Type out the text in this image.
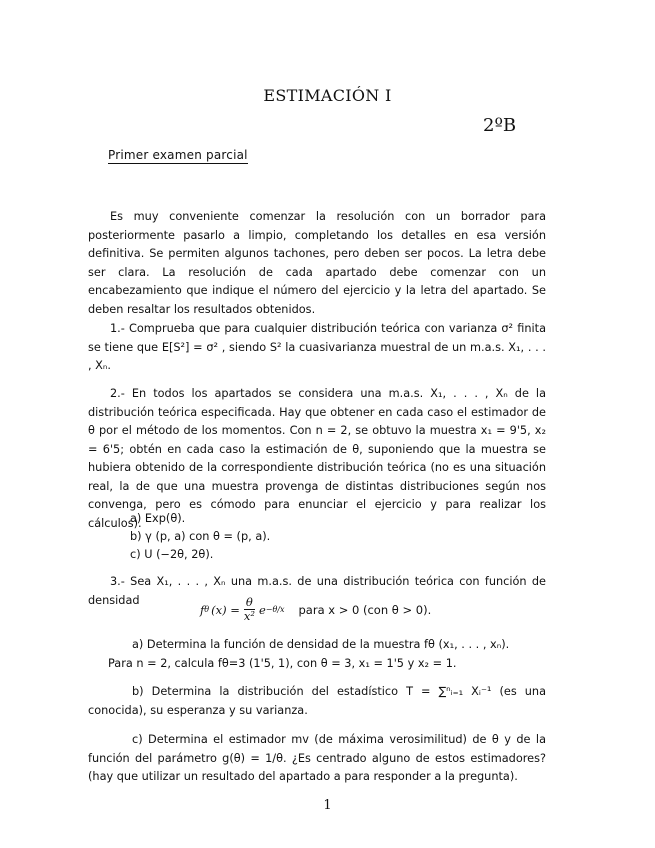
ESTIMACIÓN I
2ºB
Primer examen parcial

Es muy conveniente comenzar la resolución con un borrador para posteriormente pasarlo a limpio, completando los detalles en esa versión definitiva. Se permiten algunos tachones, pero deben ser pocos. La letra debe ser clara. La resolución de cada apartado debe comenzar con un encabezamiento que indique el número del ejercicio y la letra del apartado. Se deben resaltar los resultados obtenidos.

1.- Comprueba que para cualquier distribución teórica con varianza σ² finita se tiene que E[S²] = σ² , siendo S² la cuasivarianza muestral de un m.a.s. X₁, . . . , Xₙ.

2.- En todos los apartados se considera una m.a.s. X₁, . . . , Xₙ de la distribución teórica especificada. Hay que obtener en cada caso el estimador de θ por el método de los momentos. Con n = 2, se obtuvo la muestra x₁ = 9'5, x₂ = 6'5; obtén en cada caso la estimación de θ, suponiendo que la muestra se hubiera obtenido de la correspondiente distribución teórica (no es una situación real, la de que una muestra provenga de distintas distribuciones según nos convenga, pero es cómodo para enunciar el ejercicio y para realizar los cálculos).

a) Exp(θ).
b) γ (p, a) con θ = (p, a).
c) U (−2θ, 2θ).

3.- Sea X₁, . . . , Xₙ una m.a.s. de una distribución teórica con función de densidad

f θ $(x) = \frac{\theta}{\text{x²}}$ e −θ/x para x > 0 (con θ > 0).

a) Determina la función de densidad de la muestra fθ (x₁, . . . , xₙ).

Para n = 2, calcula fθ=3 (1'5, 1), con θ = 3, x₁ = 1'5 y x₂ = 1.

b) Determina la distribución del estadístico T = ∑ⁿᵢ₌₁ Xᵢ⁻¹ (es una conocida), su esperanza y su varianza.

c) Determina el estimador mv (de máxima verosimilitud) de θ y de la función del parámetro g(θ) = 1/θ. ¿Es centrado alguno de estos estimadores? (hay que utilizar un resultado del apartado a para responder a la pregunta).

1
